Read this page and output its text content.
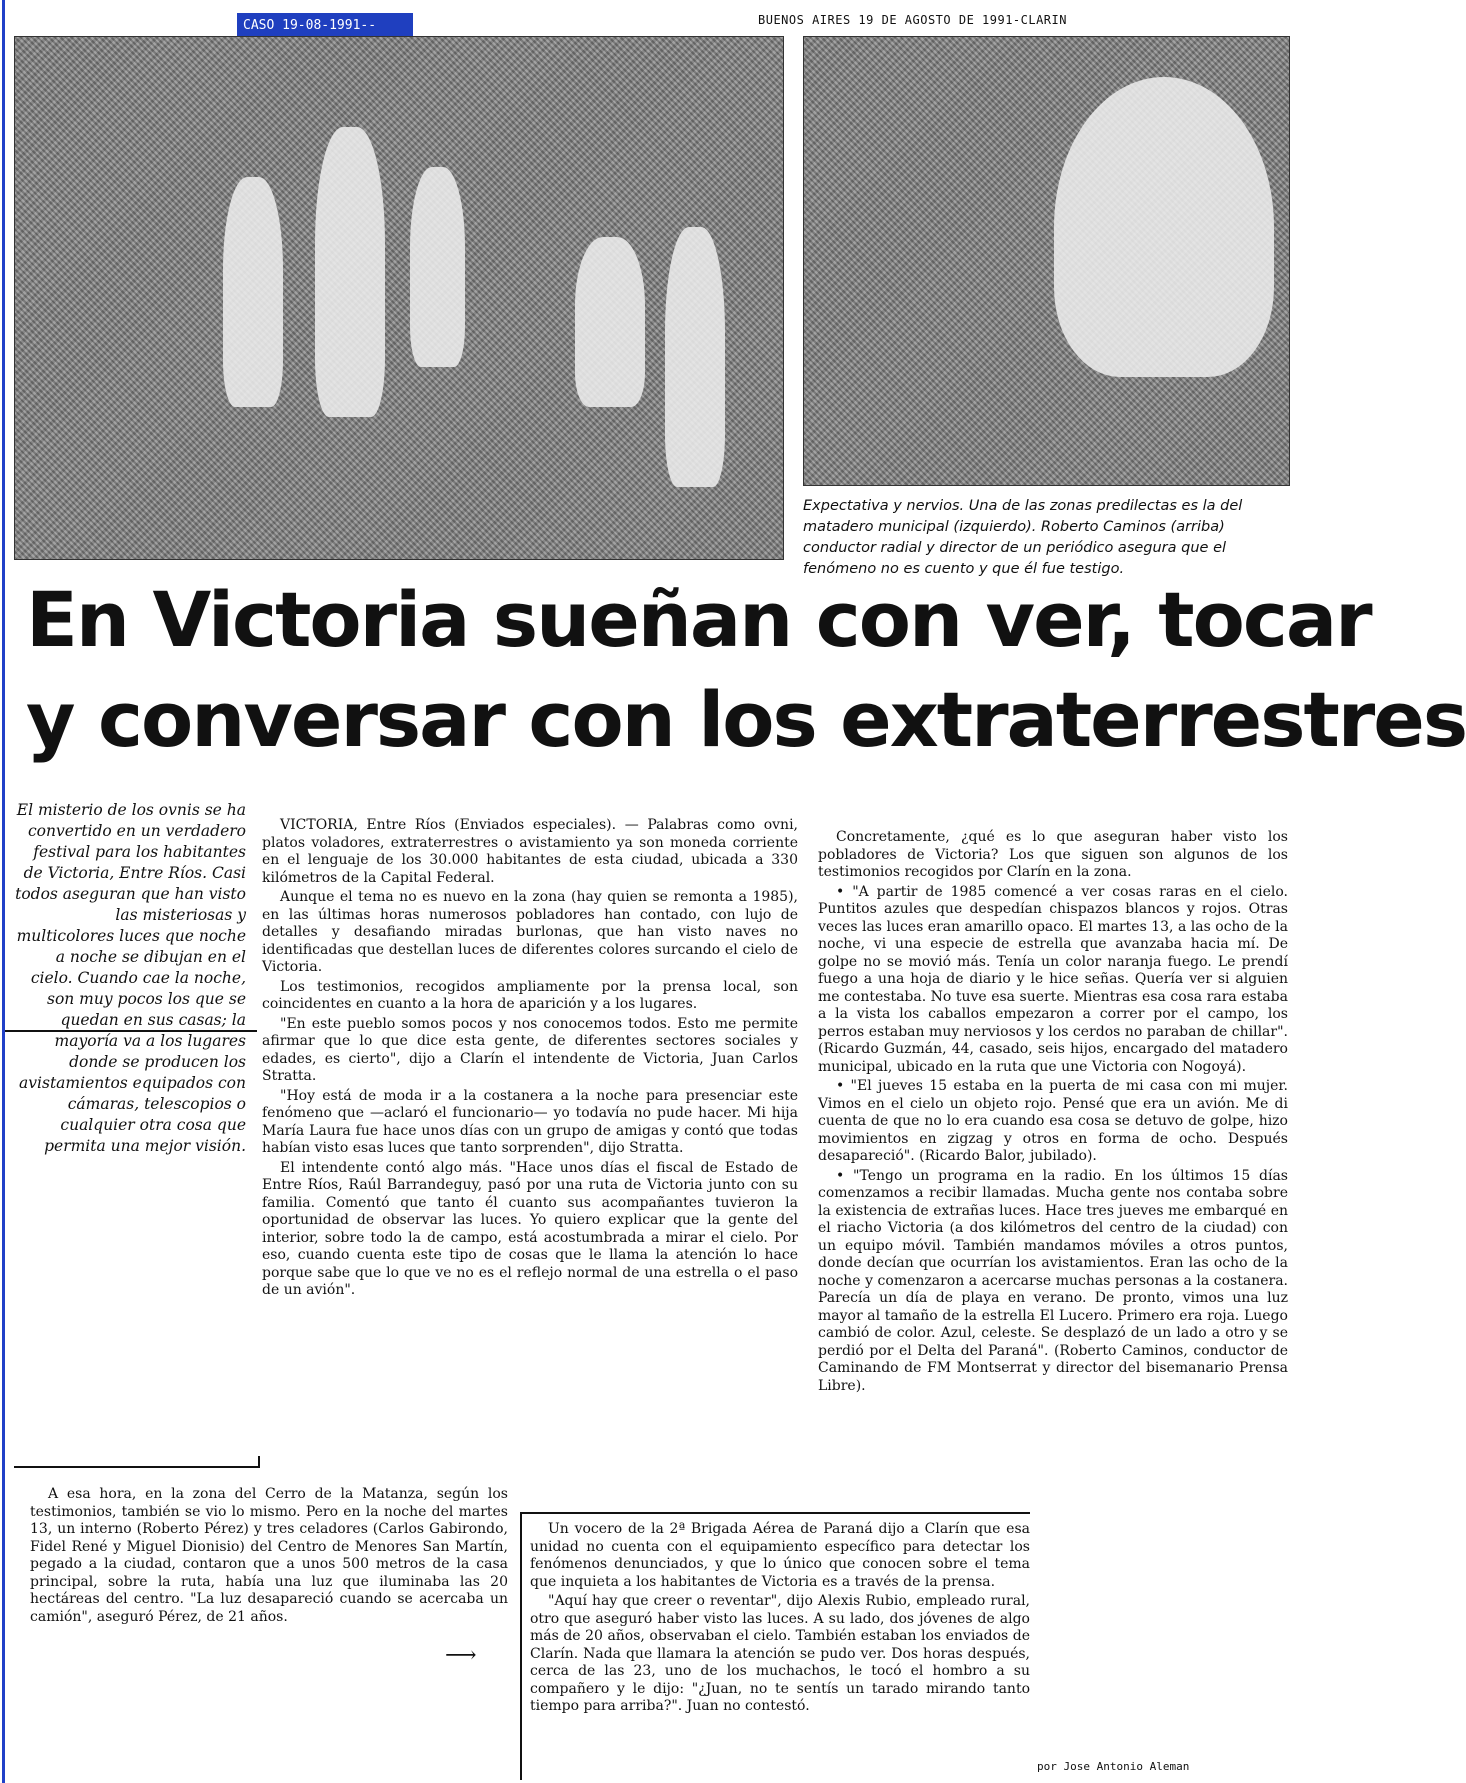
CASO 19-08-1991--	BUENOS AIRES 19 DE AGOSTO DE 1991-CLARIN
Expectativa y nervios. Una de las zonas predilectas es la del matadero municipal (izquierdo). Roberto Caminos (arriba) conductor radial y director de un periódico asegura que el fenómeno no es cuento y que él fue testigo.
En Victoria sueñan con ver, tocar
y conversar con los extraterrestres
El misterio de los ovnis se ha convertido en un verdadero festival para los habitantes de Victoria, Entre Ríos. Casi todos aseguran que han visto las misteriosas y multicolores luces que noche a noche se dibujan en el cielo. Cuando cae la noche, son muy pocos los que se quedan en sus casas; la mayoría va a los lugares donde se producen los avistamientos equipados con cámaras, telescopios o cualquier otra cosa que permita una mejor visión.

VICTORIA, Entre Ríos (Enviados especiales). — Palabras como ovni, platos voladores, extraterrestres o avistamiento ya son moneda corriente en el lenguaje de los 30.000 habitantes de esta ciudad, ubicada a 330 kilómetros de la Capital Federal.

Aunque el tema no es nuevo en la zona (hay quien se remonta a 1985), en las últimas horas numerosos pobladores han contado, con lujo de detalles y desafiando miradas burlonas, que han visto naves no identificadas que destellan luces de diferentes colores surcando el cielo de Victoria.

Los testimonios, recogidos ampliamente por la prensa local, son coincidentes en cuanto a la hora de aparición y a los lugares.

"En este pueblo somos pocos y nos conocemos todos. Esto me permite afirmar que lo que dice esta gente, de diferentes sectores sociales y edades, es cierto", dijo a Clarín el intendente de Victoria, Juan Carlos Stratta.

"Hoy está de moda ir a la costanera a la noche para presenciar este fenómeno que —aclaró el funcionario— yo todavía no pude hacer. Mi hija María Laura fue hace unos días con un grupo de amigas y contó que todas habían visto esas luces que tanto sorprenden", dijo Stratta.

El intendente contó algo más. "Hace unos días el fiscal de Estado de Entre Ríos, Raúl Barrandeguy, pasó por una ruta de Victoria junto con su familia. Comentó que tanto él cuanto sus acompañantes tuvieron la oportunidad de observar las luces. Yo quiero explicar que la gente del interior, sobre todo la de campo, está acostumbrada a mirar el cielo. Por eso, cuando cuenta este tipo de cosas que le llama la atención lo hace porque sabe que lo que ve no es el reflejo normal de una estrella o el paso de un avión".

Concretamente, ¿qué es lo que aseguran haber visto los pobladores de Victoria? Los que siguen son algunos de los testimonios recogidos por Clarín en la zona.

• "A partir de 1985 comencé a ver cosas raras en el cielo. Puntitos azules que despedían chispazos blancos y rojos. Otras veces las luces eran amarillo opaco. El martes 13, a las ocho de la noche, vi una especie de estrella que avanzaba hacia mí. De golpe no se movió más. Tenía un color naranja fuego. Le prendí fuego a una hoja de diario y le hice señas. Quería ver si alguien me contestaba. No tuve esa suerte. Mientras esa cosa rara estaba a la vista los caballos empezaron a correr por el campo, los perros estaban muy nerviosos y los cerdos no paraban de chillar". (Ricardo Guzmán, 44, casado, seis hijos, encargado del matadero municipal, ubicado en la ruta que une Victoria con Nogoyá).

• "El jueves 15 estaba en la puerta de mi casa con mi mujer. Vimos en el cielo un objeto rojo. Pensé que era un avión. Me di cuenta de que no lo era cuando esa cosa se detuvo de golpe, hizo movimientos en zigzag y otros en forma de ocho. Después desapareció". (Ricardo Balor, jubilado).

• "Tengo un programa en la radio. En los últimos 15 días comenzamos a recibir llamadas. Mucha gente nos contaba sobre la existencia de extrañas luces. Hace tres jueves me embarqué en el riacho Victoria (a dos kilómetros del centro de la ciudad) con un equipo móvil. También mandamos móviles a otros puntos, donde decían que ocurrían los avistamientos. Eran las ocho de la noche y comenzaron a acercarse muchas personas a la costanera. Parecía un día de playa en verano. De pronto, vimos una luz mayor al tamaño de la estrella El Lucero. Primero era roja. Luego cambió de color. Azul, celeste. Se desplazó de un lado a otro y se perdió por el Delta del Paraná". (Roberto Caminos, conductor de Caminando de FM Montserrat y director del bisemanario Prensa Libre).

A esa hora, en la zona del Cerro de la Matanza, según los testimonios, también se vio lo mismo. Pero en la noche del martes 13, un interno (Roberto Pérez) y tres celadores (Carlos Gabirondo, Fidel René y Miguel Dionisio) del Centro de Menores San Martín, pegado a la ciudad, contaron que a unos 500 metros de la casa principal, sobre la ruta, había una luz que iluminaba las 20 hectáreas del centro. "La luz desapareció cuando se acercaba un camión", aseguró Pérez, de 21 años.

⟶

Un vocero de la 2ª Brigada Aérea de Paraná dijo a Clarín que esa unidad no cuenta con el equipamiento específico para detectar los fenómenos denunciados, y que lo único que conocen sobre el tema que inquieta a los habitantes de Victoria es a través de la prensa.

"Aquí hay que creer o reventar", dijo Alexis Rubio, empleado rural, otro que aseguró haber visto las luces. A su lado, dos jóvenes de algo más de 20 años, observaban el cielo. También estaban los enviados de Clarín. Nada que llamara la atención se pudo ver. Dos horas después, cerca de las 23, uno de los muchachos, le tocó el hombro a su compañero y le dijo: "¿Juan, no te sentís un tarado mirando tanto tiempo para arriba?". Juan no contestó.

por Jose Antonio Aleman
